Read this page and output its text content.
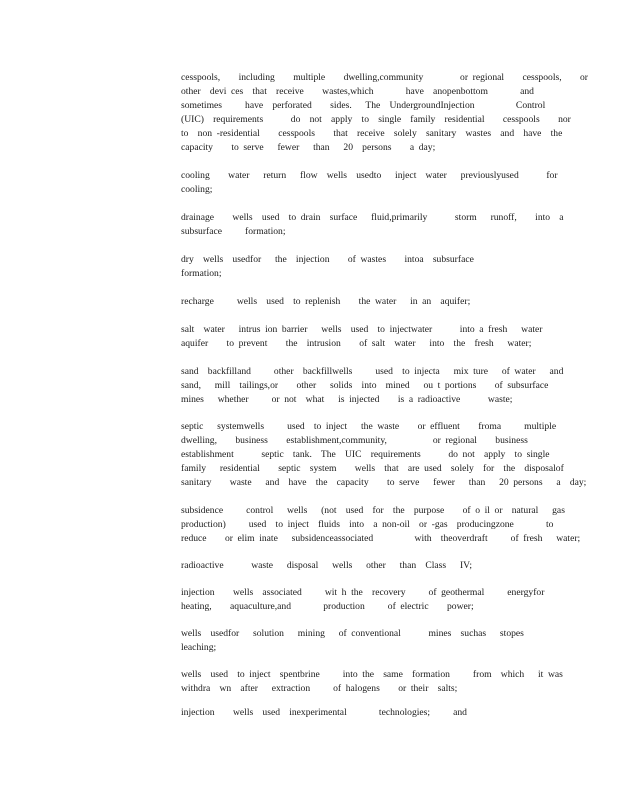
cesspools,    including    multiple    dwelling,community        or regional    cesspools,    or
other  devi ces  that  receive    wastes,which       have  anopenbottom       and
sometimes     have  perforated    sides.   The  UndergroundInjection         Control
(UIC)  requirements      do  not  apply  to  single  family  residential    cesspools    nor
to  non -residential    cesspools    that  receive  solely  sanitary  wastes  and  have  the
capacity    to serve   fewer   than   20  persons    a day;
cooling    water   return   flow  wells  usedto   inject  water   previouslyused      for
cooling;
drainage    wells  used  to drain  surface   fluid,primarily      storm   runoff,    into  a
subsurface     formation;
dry  wells  usedfor   the  injection    of wastes    intoa  subsurface
formation;
recharge     wells  used  to replenish    the water   in an  aquifer;
salt  water   intrus ion barrier   wells  used  to injectwater      into a fresh   water
aquifer    to prevent    the  intrusion    of salt  water   into  the  fresh   water;
sand  backfilland     other  backfillwells     used  to injecta   mix ture   of water   and
sand,   mill  tailings,or    other   solids  into  mined   ou t portions    of subsurface
mines   whether     or not  what   is injected    is a radioactive      waste;
septic   systemwells     used  to inject   the waste    or effluent    froma     multiple
dwelling,    business    establishment,community,          or regional    business
establishment      septic  tank.  The  UIC  requirements      do not  apply  to single
family   residential    septic  system    wells  that  are used  solely  for  the  disposalof
sanitary    waste   and  have  the  capacity    to serve   fewer   than   20 persons   a  day;
subsidence     control   wells   (not  used  for  the  purpose    of o il or  natural   gas
production)     used  to inject  fluids  into  a non-oil  or -gas  producingzone       to
reduce    or elim inate   subsidenceassociated         with  theoverdraft     of fresh   water;
radioactive      waste   disposal   wells   other   than  Class   IV;
injection    wells  associated     wit h the  recovery     of geothermal     energyfor
heating,    aquaculture,and       production     of electric    power;
wells  usedfor   solution   mining   of conventional      mines  suchas   stopes
leaching;
wells  used  to inject  spentbrine     into the  same  formation     from  which   it was
withdra  wn  after   extraction     of halogens    or their  salts;
injection    wells  used  inexperimental       technologies;     and
